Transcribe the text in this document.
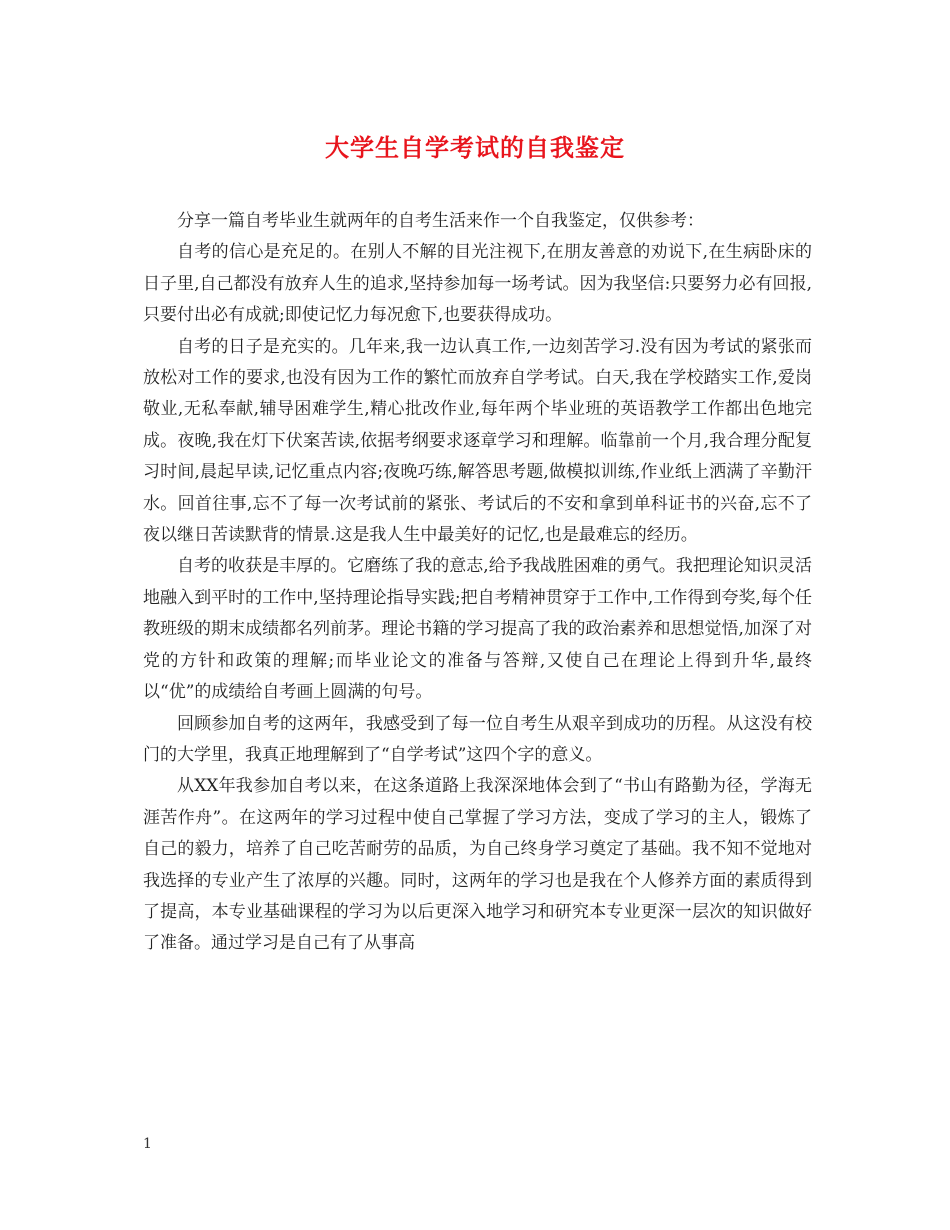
大学生自学考试的自我鉴定

分享一篇自考毕业生就两年的自考生活来作一个自我鉴定，仅供参考：

自考的信心是充足的。在别人不解的目光注视下,在朋友善意的劝说下,在生病卧床的日子里,自己都没有放弃人生的追求,坚持参加每一场考试。因为我坚信:只要努力必有回报,只要付出必有成就;即使记忆力每况愈下,也要获得成功。

自考的日子是充实的。几年来,我一边认真工作,一边刻苦学习.没有因为考试的紧张而放松对工作的要求,也没有因为工作的繁忙而放弃自学考试。白天,我在学校踏实工作,爱岗敬业,无私奉献,辅导困难学生,精心批改作业,每年两个毕业班的英语教学工作都出色地完成。夜晚,我在灯下伏案苦读,依据考纲要求逐章学习和理解。临靠前一个月,我合理分配复习时间,晨起早读,记忆重点内容;夜晚巧练,解答思考题,做模拟训练,作业纸上洒满了辛勤汗水。回首往事,忘不了每一次考试前的紧张、考试后的不安和拿到单科证书的兴奋,忘不了夜以继日苦读默背的情景.这是我人生中最美好的记忆,也是最难忘的经历。

自考的收获是丰厚的。它磨练了我的意志,给予我战胜困难的勇气。我把理论知识灵活地融入到平时的工作中,坚持理论指导实践;把自考精神贯穿于工作中,工作得到夸奖,每个任教班级的期末成绩都名列前茅。理论书籍的学习提高了我的政治素养和思想觉悟,加深了对党的方针和政策的理解;而毕业论文的准备与答辩,又使自己在理论上得到升华,最终以“优”的成绩给自考画上圆满的句号。

回顾参加自考的这两年，我感受到了每一位自考生从艰辛到成功的历程。从这没有校门的大学里，我真正地理解到了“自学考试”这四个字的意义。

从XX年我参加自考以来，在这条道路上我深深地体会到了“书山有路勤为径，学海无涯苦作舟”。在这两年的学习过程中使自己掌握了学习方法，变成了学习的主人，锻炼了自己的毅力，培养了自己吃苦耐劳的品质，为自己终身学习奠定了基础。我不知不觉地对我选择的专业产生了浓厚的兴趣。同时，这两年的学习也是我在个人修养方面的素质得到了提高，本专业基础课程的学习为以后更深入地学习和研究本专业更深一层次的知识做好了准备。通过学习是自己有了从事高

1
